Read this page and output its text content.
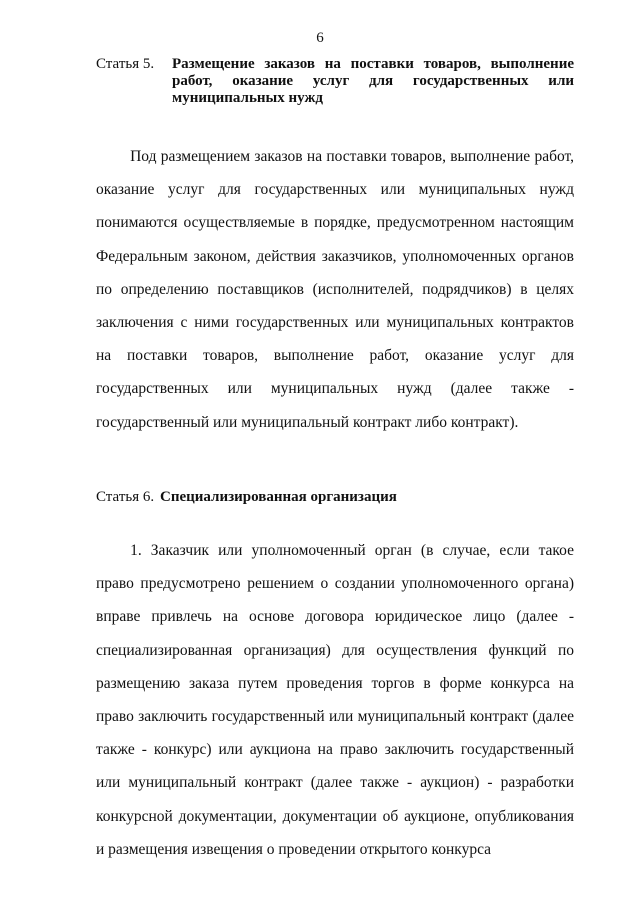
6
Статья 5. Размещение заказов на поставки товаров, выполнение работ, оказание услуг для государственных или муниципальных нужд

Под размещением заказов на поставки товаров, выполнение работ, оказание услуг для государственных или муниципальных нужд понимаются осуществляемые в порядке, предусмотренном настоящим Федеральным законом, действия заказчиков, уполномоченных органов по определению поставщиков (исполнителей, подрядчиков) в целях заключения с ними государственных или муниципальных контрактов на поставки товаров, выполнение работ, оказание услуг для государственных или муниципальных нужд (далее также - государственный или муниципальный контракт либо контракт).

Статья 6. Специализированная организация

1. Заказчик или уполномоченный орган (в случае, если такое право предусмотрено решением о создании уполномоченного органа) вправе привлечь на основе договора юридическое лицо (далее - специализированная организация) для осуществления функций по размещению заказа путем проведения торгов в форме конкурса на право заключить государственный или муниципальный контракт (далее также - конкурс) или аукциона на право заключить государственный или муниципальный контракт (далее также - аукцион) - разработки конкурсной документации, документации об аукционе, опубликования и размещения извещения о проведении открытого конкурса
